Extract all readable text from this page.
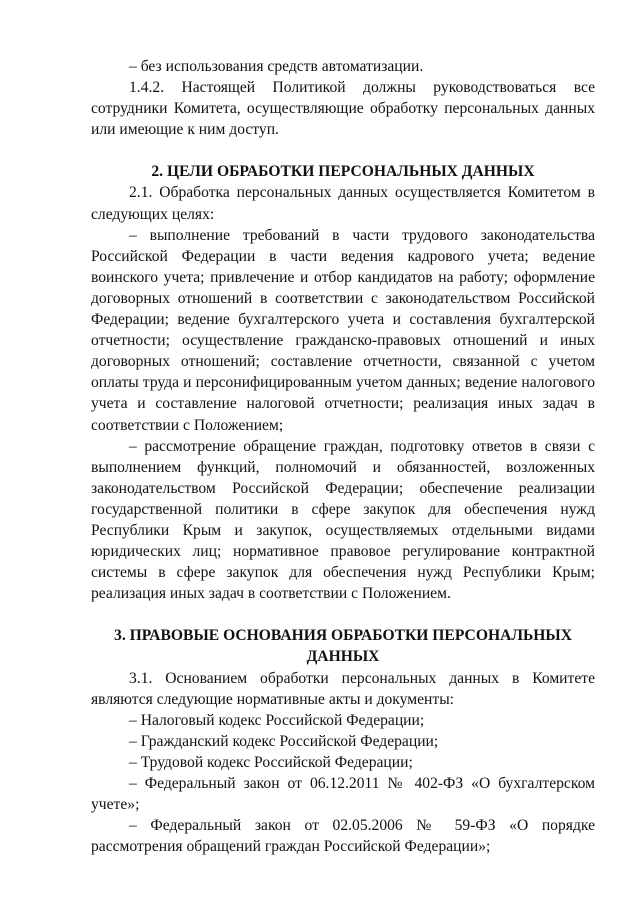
– без использования средств автоматизации.

1.4.2. Настоящей Политикой должны руководствоваться все сотрудники Комитета, осуществляющие обработку персональных данных или имеющие к ним доступ.

2. ЦЕЛИ ОБРАБОТКИ ПЕРСОНАЛЬНЫХ ДАННЫХ

2.1. Обработка персональных данных осуществляется Комитетом в следующих целях:

– выполнение требований в части трудового законодательства Российской Федерации в части ведения кадрового учета; ведение воинского учета; привлечение и отбор кандидатов на работу; оформление договорных отношений в соответствии с законодательством Российской Федерации; ведение бухгалтерского учета и составления бухгалтерской отчетности; осуществление гражданско-правовых отношений и иных договорных отношений; составление отчетности, связанной с учетом оплаты труда и персонифицированным учетом данных; ведение налогового учета и составление налоговой отчетности; реализация иных задач в соответствии с Положением;

– рассмотрение обращение граждан, подготовку ответов в связи с выполнением функций, полномочий и обязанностей, возложенных законодательством Российской Федерации; обеспечение реализации государственной политики в сфере закупок для обеспечения нужд Республики Крым и закупок, осуществляемых отдельными видами юридических лиц; нормативное правовое регулирование контрактной системы в сфере закупок для обеспечения нужд Республики Крым; реализация иных задач в соответствии с Положением.

3. ПРАВОВЫЕ ОСНОВАНИЯ ОБРАБОТКИ ПЕРСОНАЛЬНЫХ ДАННЫХ

3.1. Основанием обработки персональных данных в Комитете являются следующие нормативные акты и документы:

– Налоговый кодекс Российской Федерации;

– Гражданский кодекс Российской Федерации;

– Трудовой кодекс Российской Федерации;

– Федеральный закон от 06.12.2011 № 402-ФЗ «О бухгалтерском учете»;

– Федеральный закон от 02.05.2006 № 59-ФЗ «О порядке рассмотрения обращений граждан Российской Федерации»;
